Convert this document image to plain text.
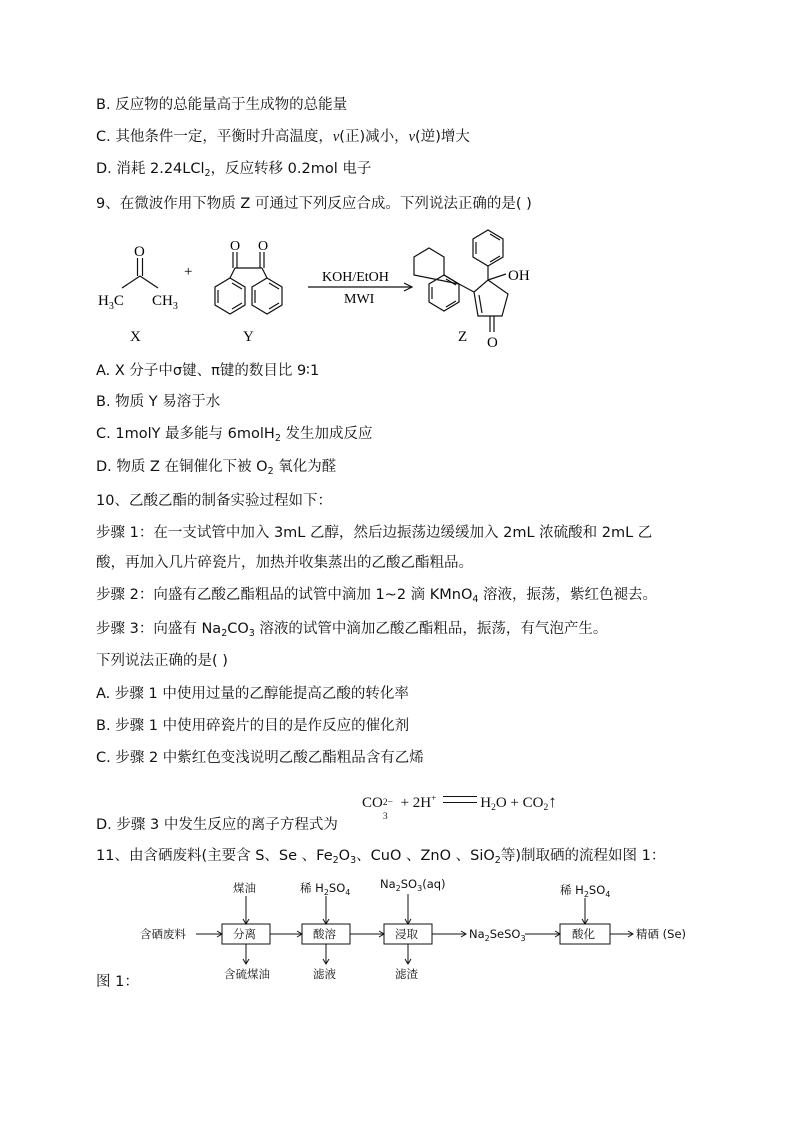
B. 反应物的总能量高于生成物的总能量
C. 其他条件一定，平衡时升高温度，v(正)减小，v(逆)增大
D. 消耗 2.24LCl$_2$，反应转移 0.2mol 电子
9、在微波作用下物质 Z 可通过下列反应合成。下列说法正确的是( )
O
$H_3C$ $CH_3$
X
+
O O
Y
KOH/EtOH
MWI
OH
O
Z
A. X 分子中σ键、π键的数目比 9∶1
B. 物质 Y 易溶于水
C. 1molY 最多能与 6molH$_2$ 发生加成反应
D. 物质 Z 在铜催化下被 $O_2$ 氧化为醛
10、乙酸乙酯的制备实验过程如下：
步骤 1：在一支试管中加入 3mL 乙醇，然后边振荡边缓缓加入 2mL 浓硫酸和 2mL 乙
酸，再加入几片碎瓷片，加热并收集蒸出的乙酸乙酯粗品。
步骤 2：向盛有乙酸乙酯粗品的试管中滴加 1~2 滴 KMnO$_4$ 溶液，振荡，紫红色褪去。
步骤 3：向盛有 $Na_2CO_3$ 溶液的试管中滴加乙酸乙酯粗品，振荡，有气泡产生。
下列说法正确的是( )
A. 步骤 1 中使用过量的乙醇能提高乙酸的转化率
B. 步骤 1 中使用碎瓷片的目的是作反应的催化剂
C. 步骤 2 中紫红色变浅说明乙酸乙酯粗品含有乙烯
CO 2−
3
+ 2H+	$H_2O$ + $CO_2↑$
D. 步骤 3 中发生反应的离子方程式为
11、由含硒废料(主要含 S、Se 、$Fe_2O_3$、CuO 、ZnO 、SiO$_2$等)制取硒的流程如图 1：
含硒废料	分离	酸溶	浸取	酸化
煤油	稀 $H_2SO_4$
$Na_2SO_3(aq)$	稀 $H_2SO_4$
含硫煤油	滤液	滤渣
$Na_2SeSO_3$	精硒 (Se)
图 1：
